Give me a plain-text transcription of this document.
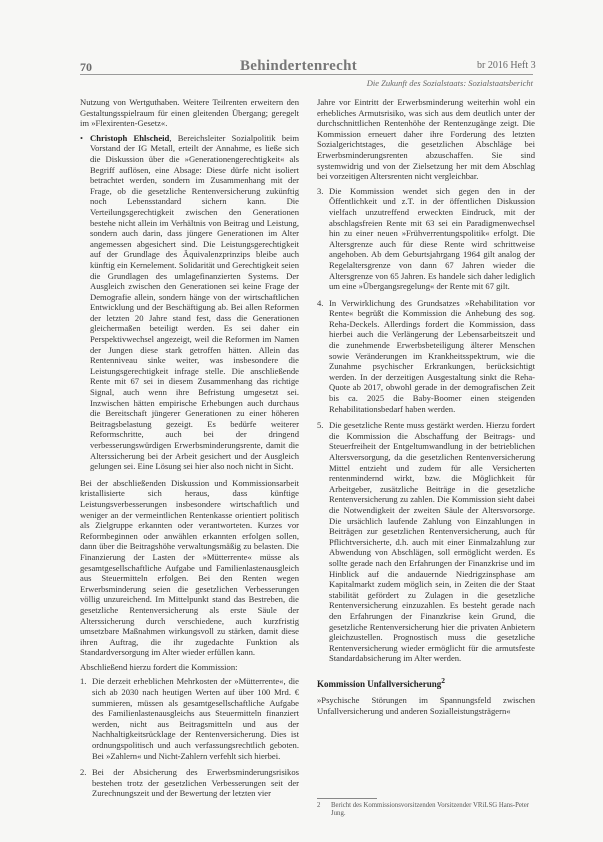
70	Behindertenrecht	br 2016 Heft 3
Die Zukunft des Sozialstaats: Sozialstaatsbericht

Nutzung von Wertguthaben. Weitere Teilrenten erweitern den Gestaltungsspielraum für einen gleitenden Übergang; geregelt im »Flexirenten-Gesetz«.

• Christoph Ehlscheid, Bereichsleiter Sozialpolitik beim Vorstand der IG Metall, erteilt der Annahme, es ließe sich die Diskussion über die »Generationengerechtigkeit« als Begriff auflösen, eine Absage: Diese dürfe nicht isoliert betrachtet werden, sondern im Zusammenhang mit der Frage, ob die gesetzliche Rentenversicherung zukünftig noch Lebensstandard sichern kann. Die Verteilungsgerechtigkeit zwischen den Generationen bestehe nicht allein im Verhältnis von Beitrag und Leistung, sondern auch darin, dass jüngere Generationen im Alter angemessen abgesichert sind. Die Leistungsgerechtigkeit auf der Grundlage des Äquivalenzprinzips bleibe auch künftig ein Kernelement. Solidarität und Gerechtigkeit seien die Grundlagen des umlagefinanzierten Systems. Der Ausgleich zwischen den Generationen sei keine Frage der Demografie allein, sondern hänge von der wirtschaftlichen Entwicklung und der Beschäftigung ab. Bei allen Reformen der letzten 20 Jahre stand fest, dass die Generationen gleichermaßen beteiligt werden. Es sei daher ein Perspektivwechsel angezeigt, weil die Reformen im Namen der Jungen diese stark getroffen hätten. Allein das Rentenniveau sinke weiter, was insbesondere die Leistungsgerechtigkeit infrage stelle. Die anschließende Rente mit 67 sei in diesem Zusammenhang das richtige Signal, auch wenn ihre Befristung umgesetzt sei. Inzwischen hätten empirische Erhebungen auch durchaus die Bereitschaft jüngerer Generationen zu einer höheren Beitragsbelastung gezeigt. Es bedürfe weiterer Reformschritte, auch bei der dringend verbesserungswürdigen Erwerbsminderungsrente, damit die Alterssicherung bei der Arbeit gesichert und der Ausgleich gelungen sei. Eine Lösung sei hier also noch nicht in Sicht.

Bei der abschließenden Diskussion und Kommissionsarbeit kristallisierte sich heraus, dass künftige Leistungsverbesserungen insbesondere wirtschaftlich und weniger an der vermeintlichen Rentenkasse orientiert politisch als Zielgruppe erkannten oder verantworteten. Kurzes vor Reformbeginnen oder anwählen erkannten erfolgen sollen, dann über die Beitragshöhe verwaltungsmäßig zu belasten. Die Finanzierung der Lasten der »Mütterrente« müsse als gesamtgesellschaftliche Aufgabe und Familienlastenausgleich aus Steuermitteln erfolgen. Bei den Renten wegen Erwerbsminderung seien die gesetzlichen Verbesserungen völlig unzureichend. Im Mittelpunkt stand das Bestreben, die gesetzliche Rentenversicherung als erste Säule der Alterssicherung durch verschiedene, auch kurzfristig umsetzbare Maßnahmen wirkungsvoll zu stärken, damit diese ihren Auftrag, die ihr zugedachte Funktion als Standardversorgung im Alter wieder erfüllen kann.

Abschließend hierzu fordert die Kommission:

1. Die derzeit erheblichen Mehrkosten der »Mütterrente«, die sich ab 2030 nach heutigen Werten auf über 100 Mrd. € summieren, müssen als gesamtgesellschaftliche Aufgabe des Familienlastenausgleichs aus Steuermitteln finanziert werden, nicht aus Beitragsmitteln und aus der Nachhaltigkeitsrücklage der Rentenversicherung. Dies ist ordnungspolitisch und auch verfassungsrechtlich geboten. Bei »Zahlern« und Nicht-Zahlern verfehlt sich hierbei.
2. Bei der Absicherung des Erwerbsminderungsrisikos bestehen trotz der gesetzlichen Verbesserungen seit der Zurechnungszeit und der Bewertung der letzten vier

Jahre vor Eintritt der Erwerbsminderung weiterhin wohl ein erhebliches Armutsrisiko, was sich aus dem deutlich unter der durchschnittlichen Rentenhöhe der Rentenzugänge zeigt. Die Kommission erneuert daher ihre Forderung des letzten Sozialgerichtstages, die gesetzlichen Abschläge bei Erwerbsminderungsrenten abzuschaffen. Sie sind systemwidrig und von der Zielsetzung her mit dem Abschlag bei vorzeitigen Altersrenten nicht vergleichbar.

3. Die Kommission wendet sich gegen den in der Öffentlichkeit und z.T. in der öffentlichen Diskussion vielfach unzutreffend erweckten Eindruck, mit der abschlagsfreien Rente mit 63 sei ein Paradigmenwechsel hin zu einer neuen »Frühverrentungspolitik« erfolgt. Die Altersgrenze auch für diese Rente wird schrittweise angehoben. Ab dem Geburtsjahrgang 1964 gilt analog der Regelaltersgrenze von dann 67 Jahren wieder die Altersgrenze von 65 Jahren. Es handele sich daher lediglich um eine »Übergangsregelung« der Rente mit 67 gilt.
4. In Verwirklichung des Grundsatzes »Rehabilitation vor Rente« begrüßt die Kommission die Anhebung des sog. Reha-Deckels. Allerdings fordert die Kommission, dass hierbei auch die Verlängerung der Lebensarbeitszeit und die zunehmende Erwerbsbeteiligung älterer Menschen sowie Veränderungen im Krankheitsspektrum, wie die Zunahme psychischer Erkrankungen, berücksichtigt werden. In der derzeitigen Ausgestaltung sinkt die Reha-Quote ab 2017, obwohl gerade in der demografischen Zeit bis ca. 2025 die Baby-Boomer einen steigenden Rehabilitationsbedarf haben werden.
5. Die gesetzliche Rente muss gestärkt werden. Hierzu fordert die Kommission die Abschaffung der Beitrags- und Steuerfreiheit der Entgeltumwandlung in der betrieblichen Altersversorgung, da die gesetzlichen Rentenversicherung Mittel entzieht und zudem für alle Versicherten rentenmindernd wirkt, bzw. die Möglichkeit für Arbeitgeber, zusätzliche Beiträge in die gesetzliche Rentenversicherung zu zahlen. Die Kommission sieht dabei die Notwendigkeit der zweiten Säule der Altersvorsorge. Die ursächlich laufende Zahlung von Einzahlungen in Beiträgen zur gesetzlichen Rentenversicherung, auch für Pflichtversicherte, d.h. auch mit einer Einmalzahlung zur Abwendung von Abschlägen, soll ermöglicht werden. Es sollte gerade nach den Erfahrungen der Finanzkrise und im Hinblick auf die andauernde Niedrigzinsphase am Kapitalmarkt zudem möglich sein, in Zeiten die der Staat stabilität gefördert zu Zulagen in die gesetzliche Rentenversicherung einzuzahlen. Es besteht gerade nach den Erfahrungen der Finanzkrise kein Grund, die gesetzliche Rentenversicherung hier die privaten Anbietern gleichzustellen. Prognostisch muss die gesetzliche Rentenversicherung wieder ermöglicht für die armutsfeste Standardabsicherung im Alter werden.
Kommission Unfallversicherung$^2$

»Psychische Störungen im Spannungsfeld zwischen Unfallversicherung und anderen Sozialleistungsträgern«

2	Bericht des Kommissionsvorsitzenden Vorsitzender VRiLSG Hans-Peter Jung.
